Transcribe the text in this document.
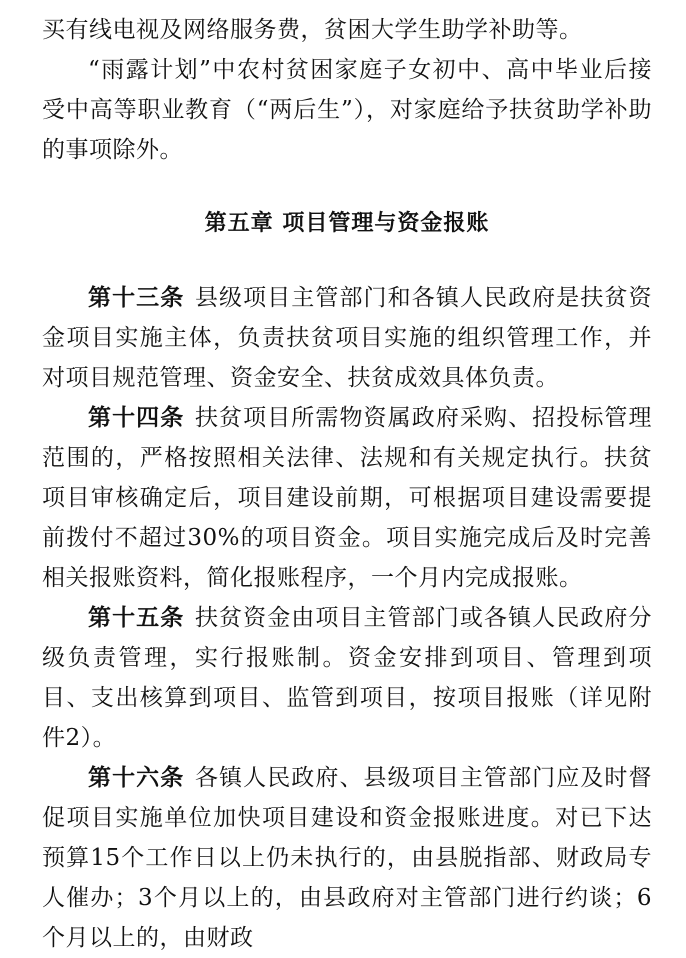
买有线电视及网络服务费，贫困大学生助学补助等。

“雨露计划”中农村贫困家庭子女初中、高中毕业后接受中高等职业教育（“两后生”），对家庭给予扶贫助学补助的事项除外。

第五章 项目管理与资金报账

第十三条 县级项目主管部门和各镇人民政府是扶贫资金项目实施主体，负责扶贫项目实施的组织管理工作，并对项目规范管理、资金安全、扶贫成效具体负责。

第十四条 扶贫项目所需物资属政府采购、招投标管理范围的，严格按照相关法律、法规和有关规定执行。扶贫项目审核确定后，项目建设前期，可根据项目建设需要提前拨付不超过30%的项目资金。项目实施完成后及时完善相关报账资料，简化报账程序，一个月内完成报账。

第十五条 扶贫资金由项目主管部门或各镇人民政府分级负责管理，实行报账制。资金安排到项目、管理到项目、支出核算到项目、监管到项目，按项目报账（详见附件2）。

第十六条 各镇人民政府、县级项目主管部门应及时督促项目实施单位加快项目建设和资金报账进度。对已下达预算15个工作日以上仍未执行的，由县脱指部、财政局专人催办；3个月以上的，由县政府对主管部门进行约谈；6个月以上的，由财政
